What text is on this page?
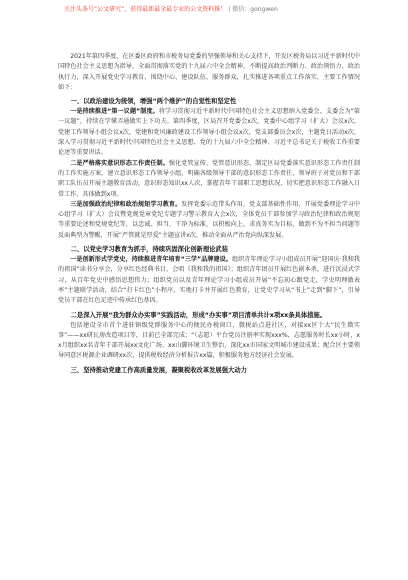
关注头条号“公文研究”，获得最新最全最专业的公文资料推！ | 微信：gongwen

2021年第四季度，在区委区政府和市税务局党委的坚强领导和关心支持下，开发区税务局以习近平新时代中国特色社会主义思想为指导，全面贯彻落实党的十九届六中全会精神，不断提高政治判断力、政治领悟力、政治执行力，深入开展党史学习教育，围绕中心、建设队伍、服务群众，扎实推进各项重点工作落实，主要工作情况如下：

一、以政治建设为统领，增强“两个维护”的自觉性和坚定性

一是持续推进“第一议题”制度。将学习贯彻习近平新时代中国特色社会主义思想纳入党委会、支委会为“第一议题”，持续在学懂弄通做实上下功夫。第四季度，区局召开党委会x次，党委中心组学习（扩大）会议x次，党建工作领导小组会议x次，党建和党风廉政建设工作领导小组会议x次，党支部委员会x次，主题党日活动x次，深入学习贯彻习近平新时代中国特色社会主义思想、党的十九届六中全会精神、习近平总书记关于税收工作重要论述等重要讲话。

二是严格落实意识形态工作责任制。强化党管宣传、党管意识形态，制定区局党委落实意识形态工作责任制的工作实施方案，建立意识形态工作领导小组，明确各级领导干部的意识形态工作责任，领导班子对党员和干部职工队伍员开展主题教育活动，意识形态知识xx人次，掌握青年干部职工思想状况，切实把意识形态工作融入日常工作，具体做到x项。

三是加强政治纪律和政治规矩学习教育。发挥党委示范带头作用，党支部基础性作用，开展党委理论学习中心组学习（扩大）会议暨党规党章党纪专题学习警示教育大会x次，全体党员干部参加学习政治纪律和政治规矩等重要论述和党规党纪等，以忠诚、担当、干净为标准，以积极向上、求真务实为目标，做到不为不担当问题等反面典型为警醒，开展“严管就是厚爱”主题宣讲x次，推动全面从严治党向纵深发展。

二、以党史学习教育为抓手，持续巩固深化创新理论武装

一是创新形式学党史，持续推进青年培育“三学”品牌建设。组织青年理论学习小组成员开展“迎国庆·我和我的祖国”读书分享会，分享红色经典书目，会唱《我和我的祖国》；组织青年团员开展红色剧本杀，进行沉浸式学习，从百年党史中感悟思想伟力；组织党员以及青年理论学习小组成员开展“不忘初心跟党走，学史明理做表率”主题联学活动，结合“打卡红色”小程序，实地打卡并开展红色教育，让党史学习从“书上”走到“脚下”，引导党员干部在红色足迹中传承红色基因。

二是深入开展“我为群众办实事”实践活动，形成“办实事”项目清单共计x项xx条具体措施。

包括建设全市首个进驻镇级党群服务中心的便民办税窗口，微税站点进社区，对接xx区十大“民生微实事”——xx研瓦房改造项目等，目前已全部完成；“（志愿）平台党员注册率实现xxx%，志愿服务时长xx小时，xx月组织xx名青年干部开展xx文化广场、xx山脚环境卫生整治，深化xx市国家文明城市建设成果；配合区主要领导同意区税源企业调研xx次，提供税收经济分析报告xx篇，积极服务地方经济社会发展。

三、坚持推动党建工作高质量发展，凝聚税收改革发展强大动力
